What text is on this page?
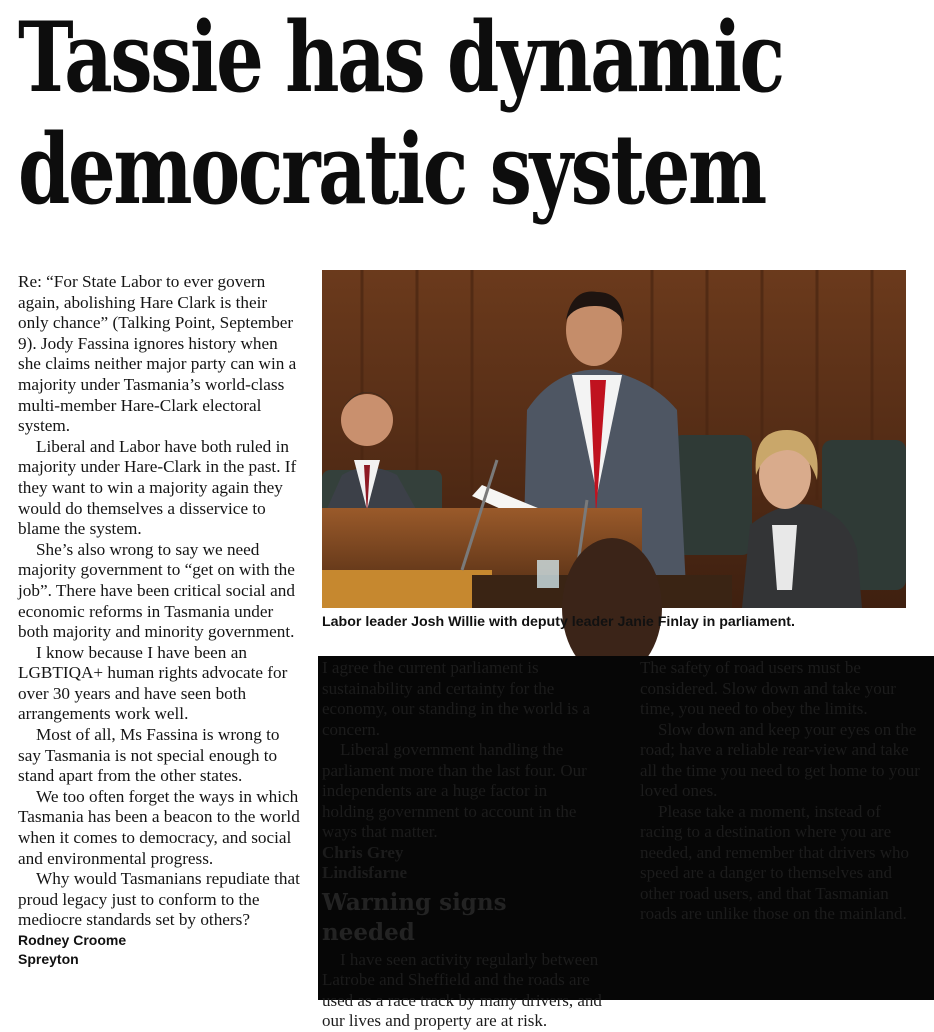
Tassie has dynamic
democratic system

Re: “For State Labor to ever govern again, abolishing Hare Clark is their only chance” (Talking Point, September 9). Jody Fassina ignores history when she claims neither major party can win a majority under Tasmania’s world-class multi-member Hare-Clark electoral system.

Liberal and Labor have both ruled in majority under Hare-Clark in the past. If they want to win a majority again they would do themselves a disservice to blame the system.

She’s also wrong to say we need majority government to “get on with the job”. There have been critical social and economic reforms in Tasmania under both majority and minority government.

I know because I have been an LGBTIQA+ human rights advocate for over 30 years and have seen both arrangements work well.

Most of all, Ms Fassina is wrong to say Tasmania is not special enough to stand apart from the other states.

We too often forget the ways in which Tasmania has been a beacon to the world when it comes to democracy, and social and environmental progress.

Why would Tasmanians repudiate that proud legacy just to conform to the mediocre standards set by others?

Rodney Croome
Spreyton
Labor leader Josh Willie with deputy leader Janie Finlay in parliament.

I agree the current parliament is sustainability and certainty for the economy, our standing in the world is a concern.

Liberal government handling the parliament more than the last four. Our independents are a huge factor in holding government to account in the ways that matter.

Chris Grey

Lindisfarne

Warning signs needed

I have seen activity regularly between Latrobe and Sheffield and the roads are used as a race track by many drivers, and our lives and property are at risk.

The safety of road users must be considered. Slow down and take your time, you need to obey the limits.

Slow down and keep your eyes on the road; have a reliable rear-view and take all the time you need to get home to your loved ones.

Please take a moment, instead of racing to a destination where you are needed, and remember that drivers who speed are a danger to themselves and other road users, and that Tasmanian roads are unlike those on the mainland.
